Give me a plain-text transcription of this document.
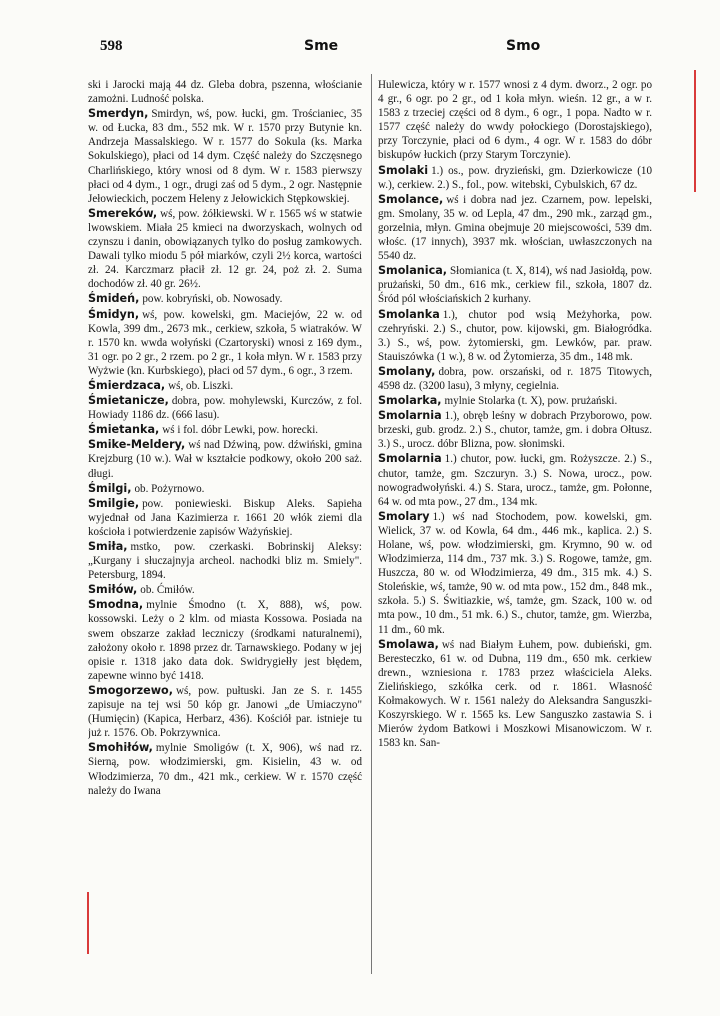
598	Sme	Smo

ski i Jarocki mają 44 dz. Gleba dobra, pszenna, włościanie zamożni. Ludność polska.

Smerdyn, Smirdyn, wś, pow. łucki, gm. Trościaniec, 35 w. od Łucka, 83 dm., 552 mk. W r. 1570 przy Butynie kn. Andrzeja Massalskiego. W r. 1577 do Sokula (ks. Marka Sokulskiego), płaci od 14 dym. Część należy do Szczęsnego Charlińskiego, który wnosi od 8 dym. W r. 1583 pierwszy płaci od 4 dym., 1 ogr., drugi zaś od 5 dym., 2 ogr. Następnie Jełowieckich, poczem Heleny z Jełowickich Stępkowskiej.

Smereków, wś, pow. żółkiewski. W r. 1565 wś w statwie lwowskiem. Miała 25 kmieci na dworzyskach, wolnych od czynszu i danin, obowiązanych tylko do posług zamkowych. Dawali tylko miodu 5 pół miarków, czyli 2½ korca, wartości zł. 24. Karczmarz płacił zł. 12 gr. 24, poż zł. 2. Suma dochodów zł. 40 gr. 26½.

Śmideń, pow. kobryński, ob. Nowosady.

Śmidyn, wś, pow. kowelski, gm. Maciejów, 22 w. od Kowla, 399 dm., 2673 mk., cerkiew, szkoła, 5 wiatraków. W r. 1570 kn. wwda wołyński (Czartoryski) wnosi z 169 dym., 31 ogr. po 2 gr., 2 rzem. po 2 gr., 1 koła młyn. W r. 1583 przy Wyżwie (kn. Kurbskiego), płaci od 57 dym., 6 ogr., 3 rzem.

Śmierdzaca, wś, ob. Liszki.

Śmietanicze, dobra, pow. mohylewski, Kurczów, z fol. Howiady 1186 dz. (666 lasu).

Śmietanka, wś i fol. dóbr Lewki, pow. horecki.

Smike-Meldery, wś nad Dźwiną, pow. dźwiński, gmina Krejzburg (10 w.). Wał w kształcie podkowy, około 200 saż. długi.

Śmilgi, ob. Pożyrnowo.

Smilgie, pow. poniewieski. Biskup Aleks. Sapieha wyjednał od Jana Kazimierza r. 1661 20 włók ziemi dla kościoła i potwierdzenie zapisów Ważyńskiej.

Smiła, mstko, pow. czerkaski. Bobrinskij Aleksy: „Kurgany i słuczajnyja archeol. nachodki bliz m. Smiely". Petersburg, 1894.

Smiłów, ob. Ćmiłów.

Smodna, mylnie Śmodno (t. X, 888), wś, pow. kossowski. Leży o 2 klm. od miasta Kossowa. Posiada na swem obszarze zakład leczniczy (środkami naturalnemi), założony około r. 1898 przez dr. Tarnawskiego. Podany w jej opisie r. 1318 jako data dok. Swidrygiełły jest błędem, zapewne winno być 1418.

Smogorzewo, wś, pow. pułtuski. Jan ze S. r. 1455 zapisuje na tej wsi 50 kóp gr. Janowi „de Umiaczyno" (Humięcin) (Kapica, Herbarz, 436). Kościół par. istnieje tu już r. 1576. Ob. Pokrzywnica.

Smohiłów, mylnie Smoligów (t. X, 906), wś nad rz. Sierną, pow. włodzimierski, gm. Kisielin, 43 w. od Włodzimierza, 70 dm., 421 mk., cerkiew. W r. 1570 część należy do Iwana

Hulewicza, który w r. 1577 wnosi z 4 dym. dworz., 2 ogr. po 4 gr., 6 ogr. po 2 gr., od 1 koła młyn. wieśn. 12 gr., a w r. 1583 z trzeciej części od 8 dym., 6 ogr., 1 popa. Nadto w r. 1577 część należy do wwdy połockiego (Dorostajskiego), przy Torczynie, płaci od 6 dym., 4 ogr. W r. 1583 do dóbr biskupów łuckich (przy Starym Torczynie).

Smolaki 1.) os., pow. dryzieński, gm. Dzierkowicze (10 w.), cerkiew. 2.) S., fol., pow. witebski, Cybulskich, 67 dz.

Smolance, wś i dobra nad jez. Czarnem, pow. lepelski, gm. Smolany, 35 w. od Lepla, 47 dm., 290 mk., zarząd gm., gorzelnia, młyn. Gmina obejmuje 20 miejscowości, 539 dm. włośc. (17 innych), 3937 mk. włościan, uwłaszczonych na 5540 dz.

Smolanica, Słomianica (t. X, 814), wś nad Jasiołdą, pow. prużański, 50 dm., 616 mk., cerkiew fil., szkoła, 1807 dz. Śród pól włościańskich 2 kurhany.

Smolanka 1.), chutor pod wsią Meżyhorka, pow. czehryński. 2.) S., chutor, pow. kijowski, gm. Białogródka. 3.) S., wś, pow. żytomierski, gm. Lewków, par. praw. Stauiszówka (1 w.), 8 w. od Żytomierza, 35 dm., 148 mk.

Smolany, dobra, pow. orszański, od r. 1875 Titowych, 4598 dz. (3200 lasu), 3 młyny, cegielnia.

Smolarka, mylnie Stolarka (t. X), pow. prużański.

Smolarnia 1.), obręb leśny w dobrach Przyborowo, pow. brzeski, gub. grodz. 2.) S., chutor, tamże, gm. i dobra Ołtusz. 3.) S., urocz. dóbr Blizna, pow. słonimski.

Smolarnia 1.) chutor, pow. łucki, gm. Rożyszcze. 2.) S., chutor, tamże, gm. Szczuryn. 3.) S. Nowa, urocz., pow. nowogradwołyński. 4.) S. Stara, urocz., tamże, gm. Połonne, 64 w. od mta pow., 27 dm., 134 mk.

Smolary 1.) wś nad Stochodem, pow. kowelski, gm. Wielick, 37 w. od Kowla, 64 dm., 446 mk., kaplica. 2.) S. Holane, wś, pow. włodzimierski, gm. Krymno, 90 w. od Włodzimierza, 114 dm., 737 mk. 3.) S. Rogowe, tamże, gm. Huszcza, 80 w. od Włodzimierza, 49 dm., 315 mk. 4.) S. Stoleńskie, wś, tamże, 90 w. od mta pow., 152 dm., 848 mk., szkoła. 5.) S. Świtiazkie, wś, tamże, gm. Szack, 100 w. od mta pow., 10 dm., 51 mk. 6.) S., chutor, tamże, gm. Wierzba, 11 dm., 60 mk.

Smolawa, wś nad Białym Łuhem, pow. dubieński, gm. Beresteczko, 61 w. od Dubna, 119 dm., 650 mk. cerkiew drewn., wzniesiona r. 1783 przez właściciela Aleks. Zielińskiego, szkółka cerk. od r. 1861. Własność Kołmakowych. W r. 1561 należy do Aleksandra Sanguszki-Koszyrskiego. W r. 1565 ks. Lew Sanguszko zastawia S. i Mierów żydom Batkowi i Moszkowi Misanowiczom. W r. 1583 kn. San-
